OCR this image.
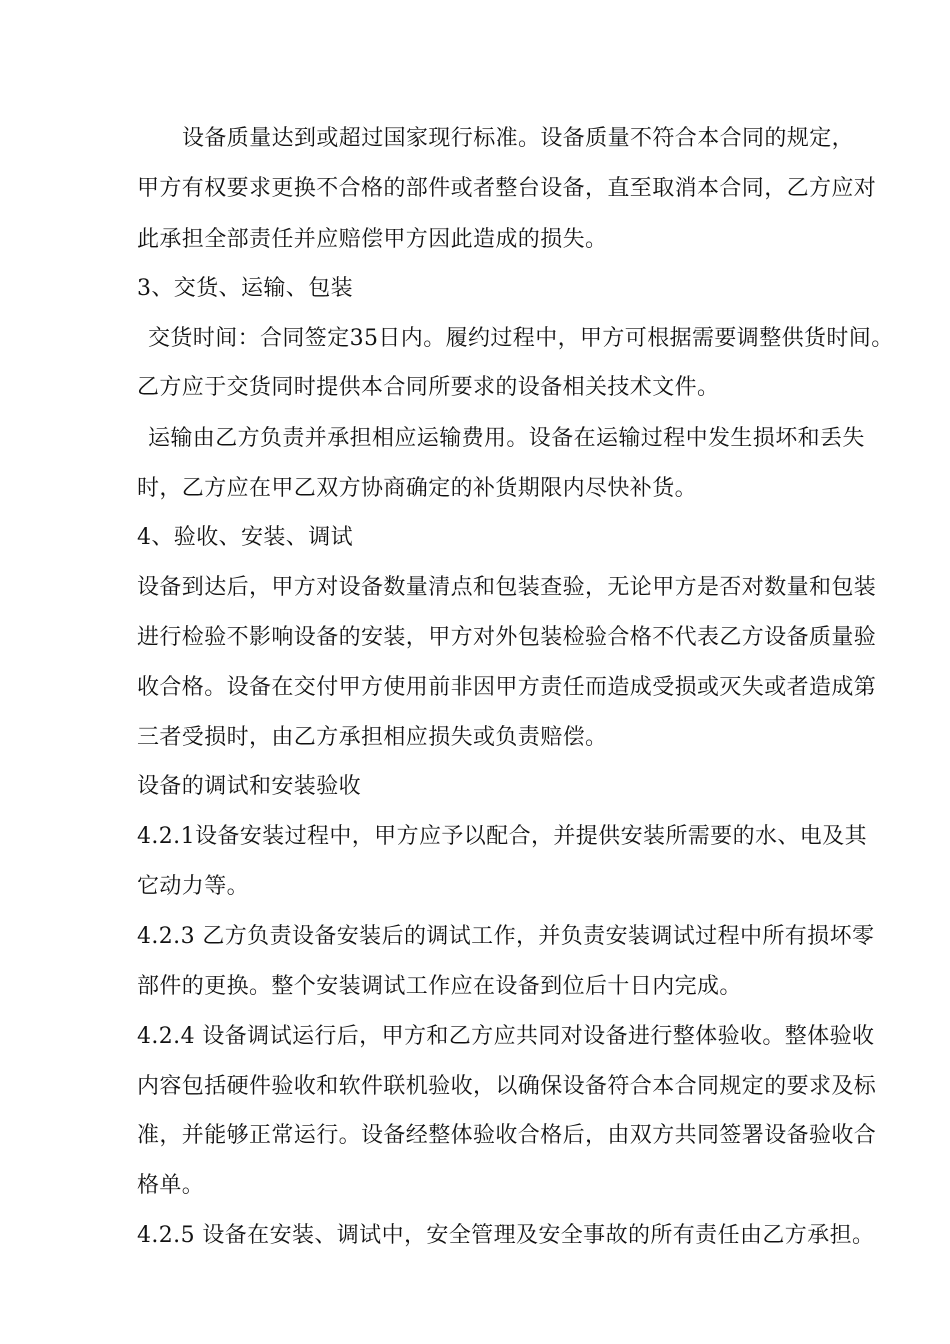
设备质量达到或超过国家现行标准。设备质量不符合本合同的规定，
甲方有权要求更换不合格的部件或者整台设备，直至取消本合同，乙方应对
此承担全部责任并应赔偿甲方因此造成的损失。
3、交货、运输、包装
交货时间：合同签定35日内。履约过程中，甲方可根据需要调整供货时间。
乙方应于交货同时提供本合同所要求的设备相关技术文件。
运输由乙方负责并承担相应运输费用。设备在运输过程中发生损坏和丢失
时，乙方应在甲乙双方协商确定的补货期限内尽快补货。
4、验收、安装、调试
设备到达后，甲方对设备数量清点和包装查验，无论甲方是否对数量和包装
进行检验不影响设备的安装，甲方对外包装检验合格不代表乙方设备质量验
收合格。设备在交付甲方使用前非因甲方责任而造成受损或灭失或者造成第
三者受损时，由乙方承担相应损失或负责赔偿。
设备的调试和安装验收
4.2.1设备安装过程中，甲方应予以配合，并提供安装所需要的水、电及其
它动力等。
4.2.3 乙方负责设备安装后的调试工作，并负责安装调试过程中所有损坏零
部件的更换。整个安装调试工作应在设备到位后十日内完成。
4.2.4 设备调试运行后，甲方和乙方应共同对设备进行整体验收。整体验收
内容包括硬件验收和软件联机验收，以确保设备符合本合同规定的要求及标
准，并能够正常运行。设备经整体验收合格后，由双方共同签署设备验收合
格单。
4.2.5 设备在安装、调试中，安全管理及安全事故的所有责任由乙方承担。
